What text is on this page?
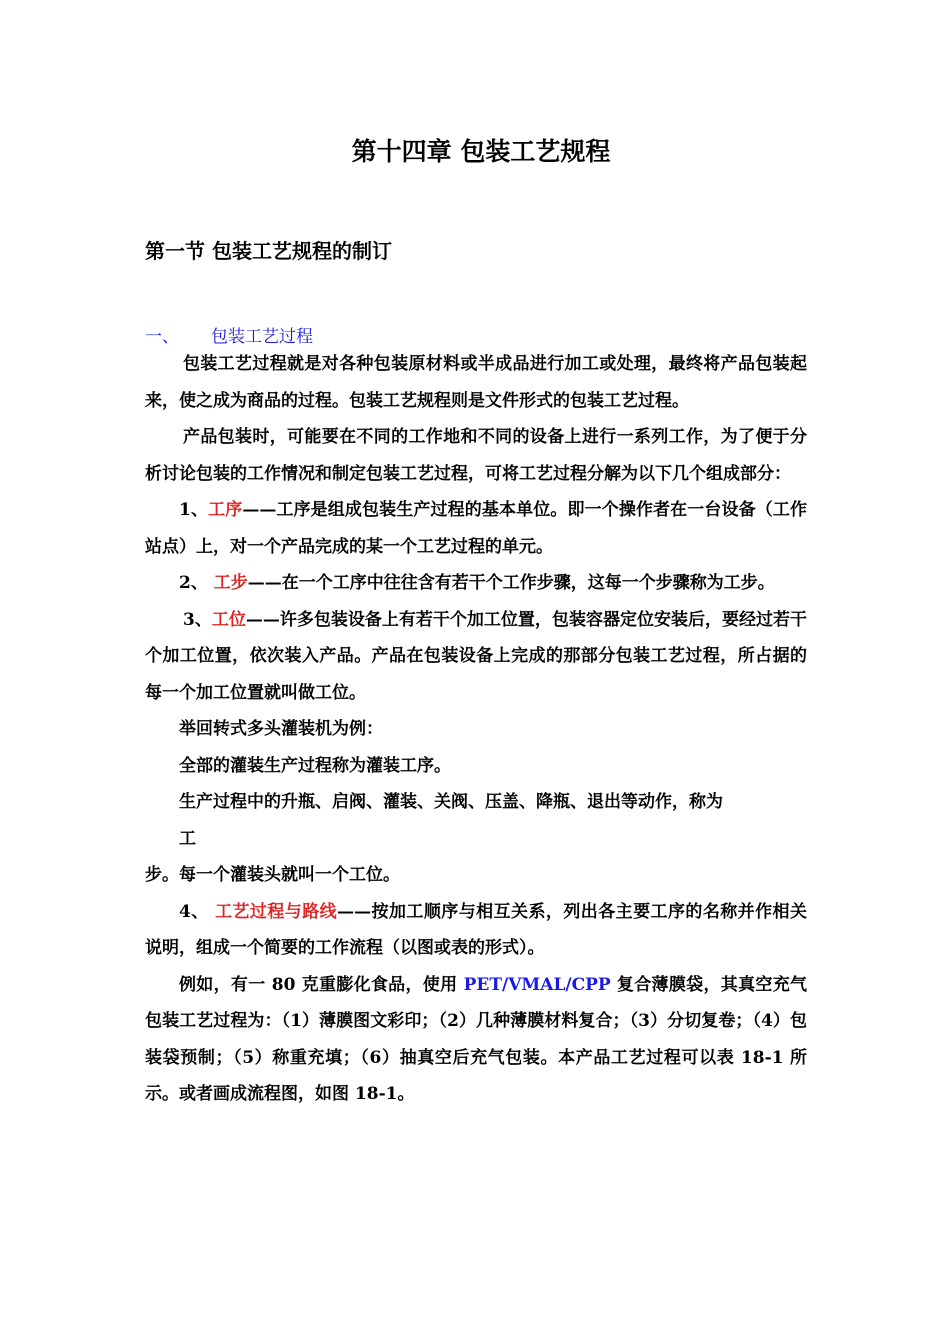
第十四章 包装工艺规程
第一节 包装工艺规程的制订
一、 包装工艺过程

包装工艺过程就是对各种包装原材料或半成品进行加工或处理，最终将产品包装起来，使之成为商品的过程。包装工艺规程则是文件形式的包装工艺过程。

产品包装时，可能要在不同的工作地和不同的设备上进行一系列工作，为了便于分析讨论包装的工作情况和制定包装工艺过程，可将工艺过程分解为以下几个组成部分：

1、工序——工序是组成包装生产过程的基本单位。即一个操作者在一台设备（工作站点）上，对一个产品完成的某一个工艺过程的单元。

2、 工步——在一个工序中往往含有若干个工作步骤，这每一个步骤称为工步。

3、工位——许多包装设备上有若干个加工位置，包装容器定位安装后，要经过若干个加工位置，依次装入产品。产品在包装设备上完成的那部分包装工艺过程，所占据的每一个加工位置就叫做工位。

举回转式多头灌装机为例：

全部的灌装生产过程称为灌装工序。

生产过程中的升瓶、启阀、灌装、关阀、压盖、降瓶、退出等动作，称为
工

步。每一个灌装头就叫一个工位。

4、 工艺过程与路线——按加工顺序与相互关系，列出各主要工序的名称并作相关说明，组成一个简要的工作流程（以图或表的形式）。

例如，有一 80 克重膨化食品，使用 PET/VMAL/CPP 复合薄膜袋，其真空充气包装工艺过程为：（1）薄膜图文彩印；（2）几种薄膜材料复合；（3）分切复卷；（4）包装袋预制；（5）称重充填；（6）抽真空后充气包装。本产品工艺过程可以表 18-1 所示。或者画成流程图，如图 18-1。
